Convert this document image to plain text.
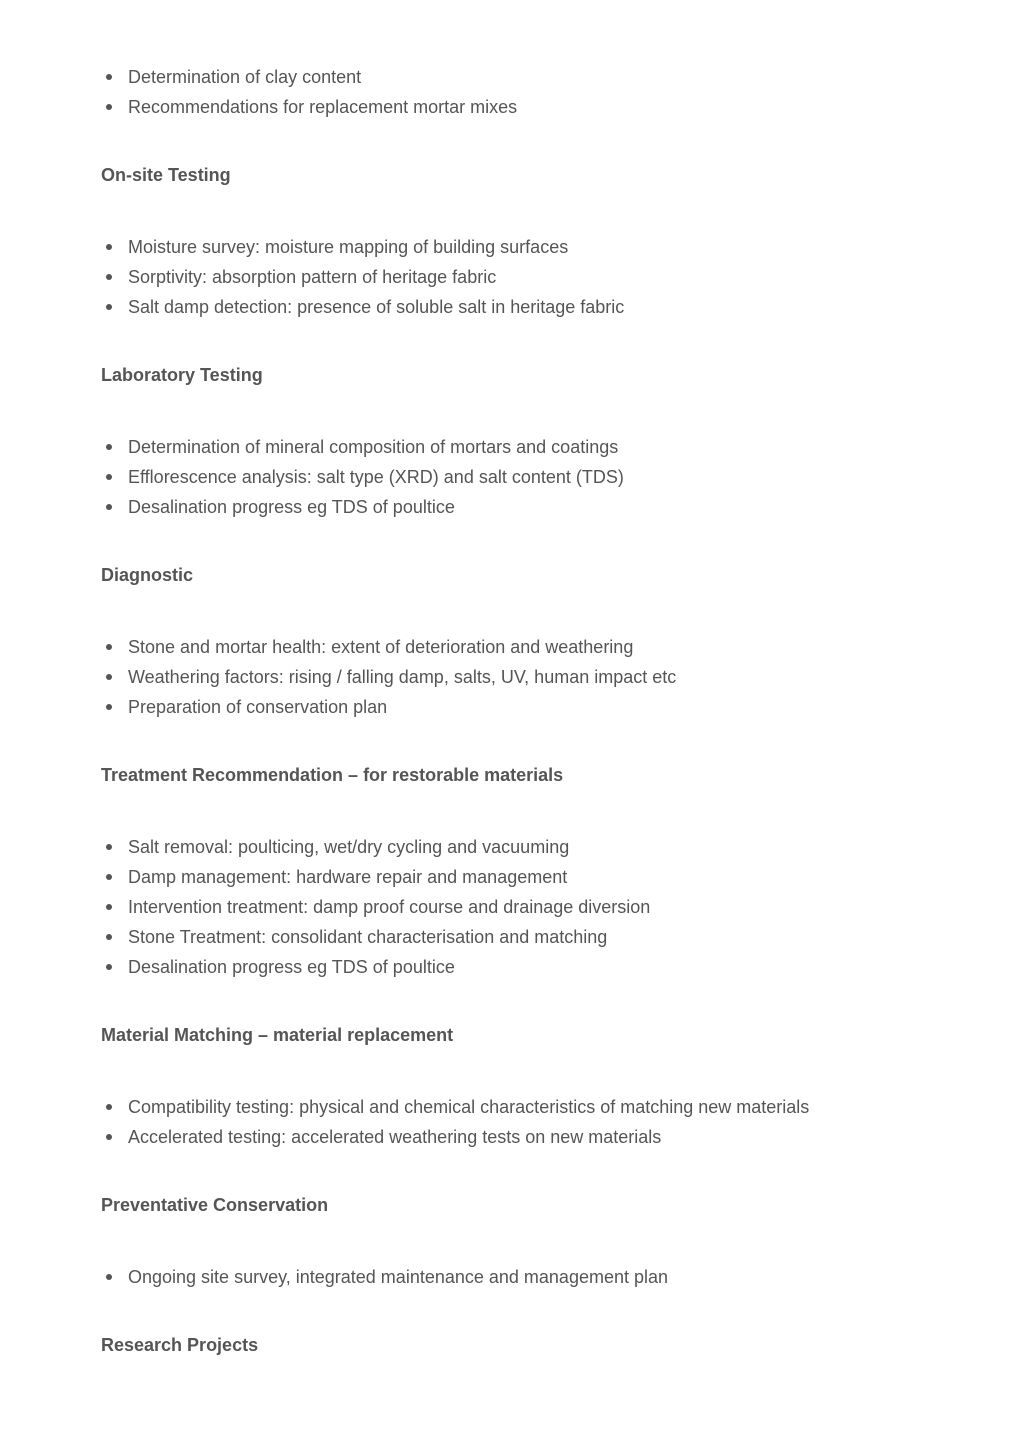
Determination of clay content
Recommendations for replacement mortar mixes
On-site Testing
Moisture survey: moisture mapping of building surfaces
Sorptivity: absorption pattern of heritage fabric
Salt damp detection: presence of soluble salt in heritage fabric
Laboratory Testing
Determination of mineral composition of mortars and coatings
Efflorescence analysis: salt type (XRD) and salt content (TDS)
Desalination progress eg TDS of poultice
Diagnostic
Stone and mortar health: extent of deterioration and weathering
Weathering factors: rising / falling damp, salts, UV, human impact etc
Preparation of conservation plan
Treatment Recommendation – for restorable materials
Salt removal: poulticing, wet/dry cycling and vacuuming
Damp management: hardware repair and management
Intervention treatment: damp proof course and drainage diversion
Stone Treatment: consolidant characterisation and matching
Desalination progress eg TDS of poultice
Material Matching – material replacement
Compatibility testing: physical and chemical characteristics of matching new materials
Accelerated testing: accelerated weathering tests on new materials
Preventative Conservation
Ongoing site survey, integrated maintenance and management plan
Research Projects
